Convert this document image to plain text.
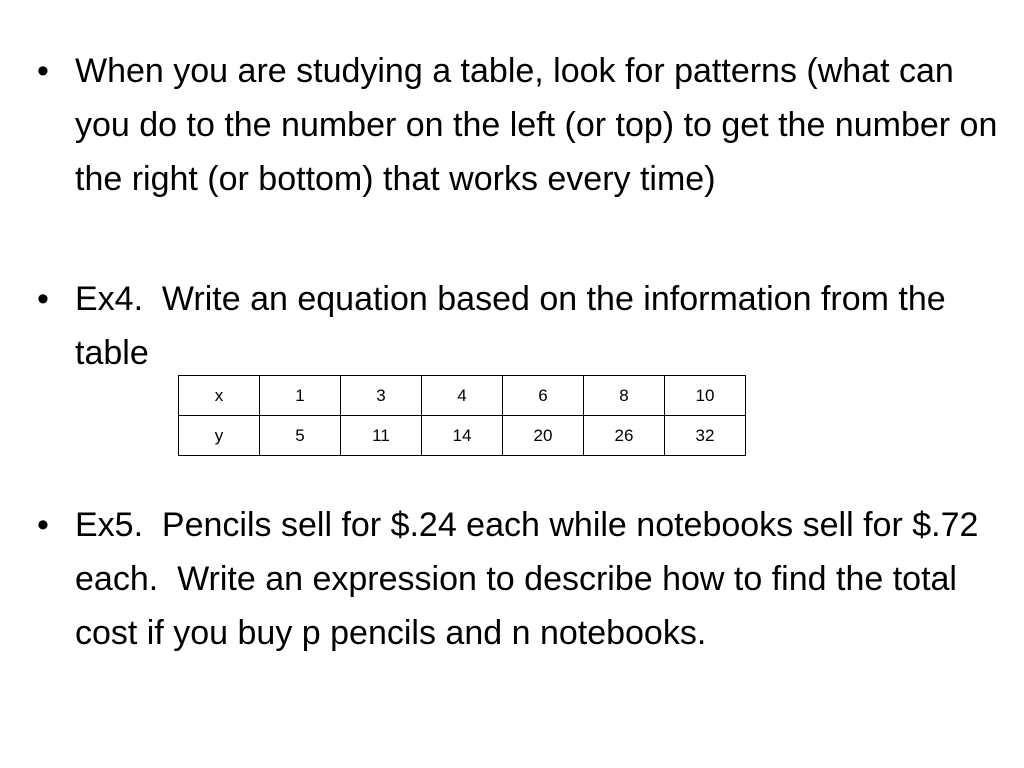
• When you are studying a table, look for patterns (what can you do to the number on the left (or top) to get the number on the right (or bottom) that works every time)
• Ex4.  Write an equation based on the information from the table
x	1	3	4	6	8	10
y	5	11	14	20	26	32
• Ex5.  Pencils sell for $.24 each while notebooks sell for $.72 each.  Write an expression to describe how to find the total cost if you buy p pencils and n notebooks.
